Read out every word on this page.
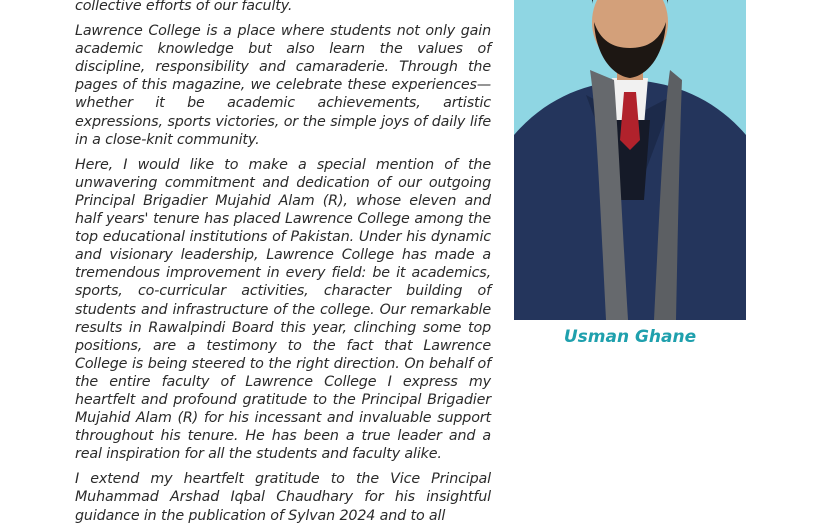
collective efforts of our faculty.

Lawrence College is a place where students not only gain academic knowledge but also learn the values of discipline, responsibility and camaraderie. Through the pages of this magazine, we celebrate these experiences—whether it be academic achievements, artistic expressions, sports victories, or the simple joys of daily life in a close-knit community.

Here, I would like to make a special mention of the unwavering commitment and dedication of our outgoing Principal Brigadier Mujahid Alam (R), whose eleven and half years' tenure has placed Lawrence College among the top educational institutions of Pakistan. Under his dynamic and visionary leadership, Lawrence College has made a tremendous improvement in every field: be it academics, sports, co-curricular activities, character building of students and infrastructure of the college. Our remarkable results in Rawalpindi Board this year, clinching some top positions, are a testimony to the fact that Lawrence College is being steered to the right direction. On behalf of the entire faculty of Lawrence College I express my heartfelt and profound gratitude to the Principal Brigadier Mujahid Alam (R) for his incessant and invaluable support throughout his tenure. He has been a true leader and a real inspiration for all the students and faculty alike.

I extend my heartfelt gratitude to the Vice Principal Muhammad Arshad Iqbal Chaudhary for his insightful guidance in the publication of Sylvan 2024 and to all

Usman Ghane
